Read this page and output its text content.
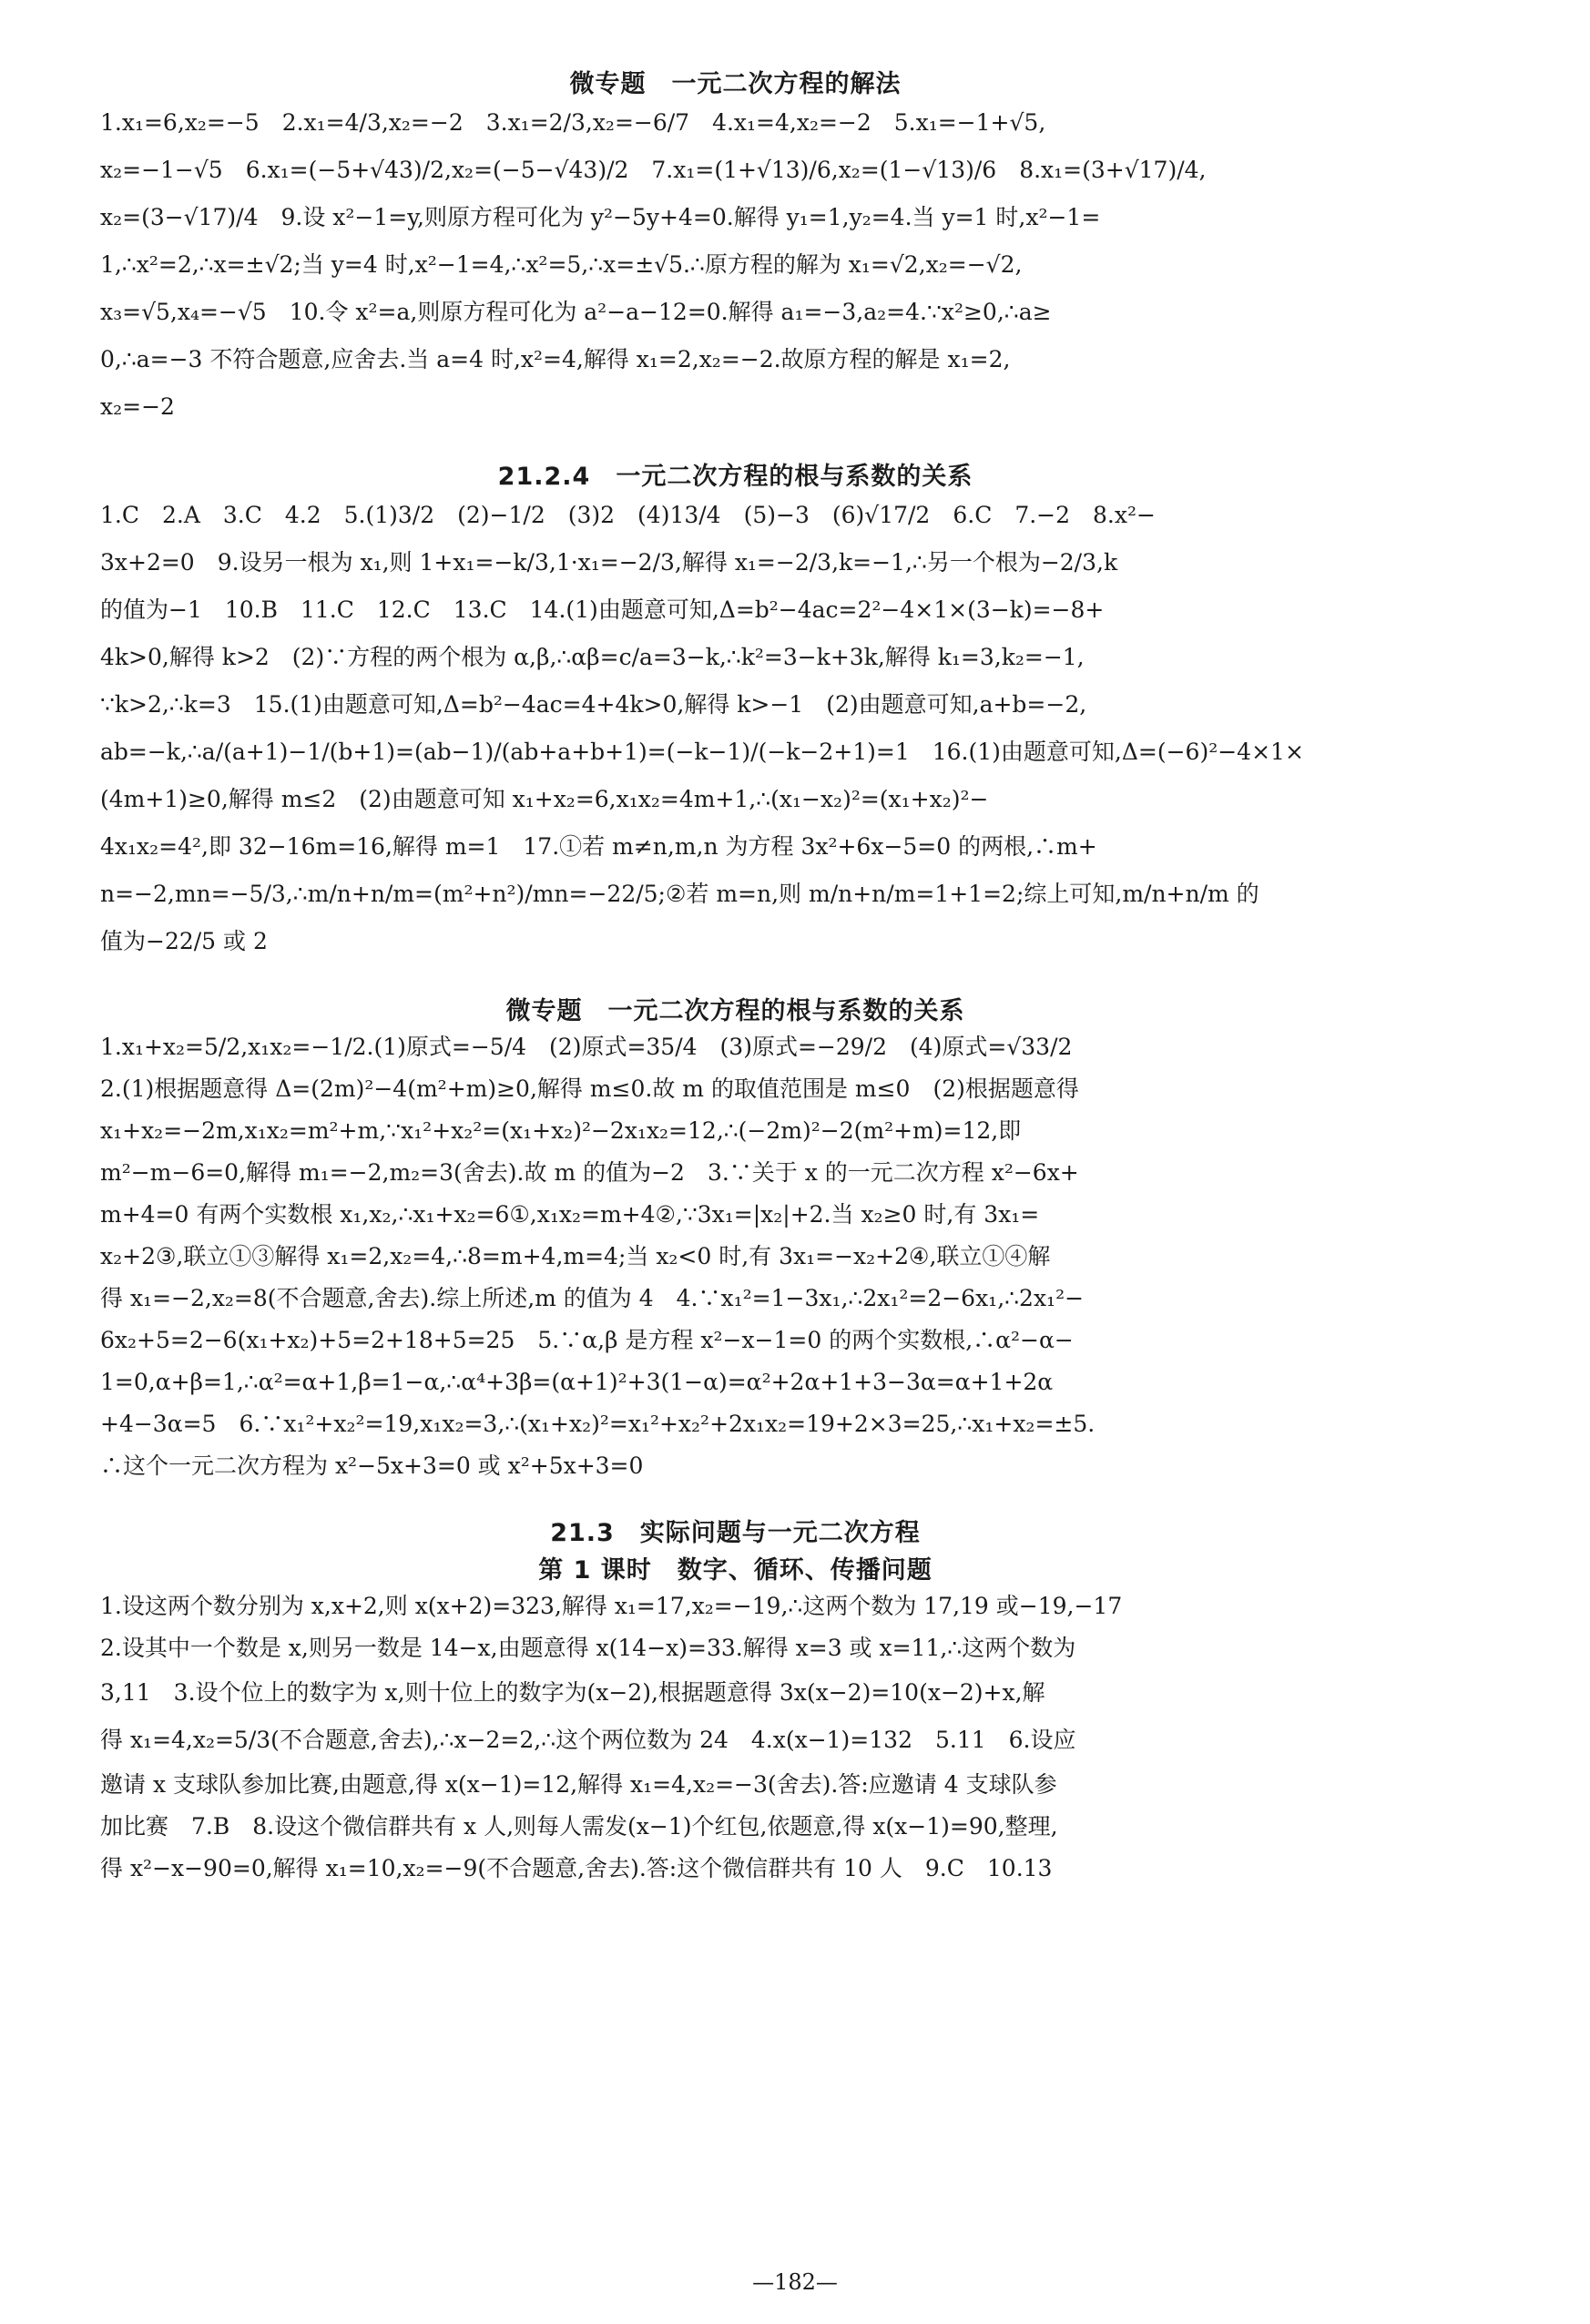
微专题　一元二次方程的解法

1.x₁=6,x₂=−5　2.x₁=4/3,x₂=−2　3.x₁=2/3,x₂=−6/7　4.x₁=4,x₂=−2　5.x₁=−1+√5,

x₂=−1−√5　6.x₁=(−5+√43)/2,x₂=(−5−√43)/2　7.x₁=(1+√13)/6,x₂=(1−√13)/6　8.x₁=(3+√17)/4,

x₂=(3−√17)/4　9.设 x²−1=y,则原方程可化为 y²−5y+4=0.解得 y₁=1,y₂=4.当 y=1 时,x²−1=

1,∴x²=2,∴x=±√2;当 y=4 时,x²−1=4,∴x²=5,∴x=±√5.∴原方程的解为 x₁=√2,x₂=−√2,

x₃=√5,x₄=−√5　10.令 x²=a,则原方程可化为 a²−a−12=0.解得 a₁=−3,a₂=4.∵x²≥0,∴a≥

0,∴a=−3 不符合题意,应舍去.当 a=4 时,x²=4,解得 x₁=2,x₂=−2.故原方程的解是 x₁=2,

x₂=−2

21.2.4　一元二次方程的根与系数的关系

1.C　2.A　3.C　4.2　5.(1)3/2　(2)−1/2　(3)2　(4)13/4　(5)−3　(6)√17/2　6.C　7.−2　8.x²−

3x+2=0　9.设另一根为 x₁,则 1+x₁=−k/3,1·x₁=−2/3,解得 x₁=−2/3,k=−1,∴另一个根为−2/3,k

的值为−1　10.B　11.C　12.C　13.C　14.(1)由题意可知,Δ=b²−4ac=2²−4×1×(3−k)=−8+

4k>0,解得 k>2　(2)∵方程的两个根为 α,β,∴αβ=c/a=3−k,∴k²=3−k+3k,解得 k₁=3,k₂=−1,

∵k>2,∴k=3　15.(1)由题意可知,Δ=b²−4ac=4+4k>0,解得 k>−1　(2)由题意可知,a+b=−2,

ab=−k,∴a/(a+1)−1/(b+1)=(ab−1)/(ab+a+b+1)=(−k−1)/(−k−2+1)=1　16.(1)由题意可知,Δ=(−6)²−4×1×

(4m+1)≥0,解得 m≤2　(2)由题意可知 x₁+x₂=6,x₁x₂=4m+1,∴(x₁−x₂)²=(x₁+x₂)²−

4x₁x₂=4²,即 32−16m=16,解得 m=1　17.①若 m≠n,m,n 为方程 3x²+6x−5=0 的两根,∴m+

n=−2,mn=−5/3,∴m/n+n/m=(m²+n²)/mn=−22/5;②若 m=n,则 m/n+n/m=1+1=2;综上可知,m/n+n/m 的

值为−22/5 或 2

微专题　一元二次方程的根与系数的关系

1.x₁+x₂=5/2,x₁x₂=−1/2.(1)原式=−5/4　(2)原式=35/4　(3)原式=−29/2　(4)原式=√33/2

2.(1)根据题意得 Δ=(2m)²−4(m²+m)≥0,解得 m≤0.故 m 的取值范围是 m≤0　(2)根据题意得

x₁+x₂=−2m,x₁x₂=m²+m,∵x₁²+x₂²=(x₁+x₂)²−2x₁x₂=12,∴(−2m)²−2(m²+m)=12,即

m²−m−6=0,解得 m₁=−2,m₂=3(舍去).故 m 的值为−2　3.∵关于 x 的一元二次方程 x²−6x+

m+4=0 有两个实数根 x₁,x₂,∴x₁+x₂=6①,x₁x₂=m+4②,∵3x₁=|x₂|+2.当 x₂≥0 时,有 3x₁=

x₂+2③,联立①③解得 x₁=2,x₂=4,∴8=m+4,m=4;当 x₂<0 时,有 3x₁=−x₂+2④,联立①④解

得 x₁=−2,x₂=8(不合题意,舍去).综上所述,m 的值为 4　4.∵x₁²=1−3x₁,∴2x₁²=2−6x₁,∴2x₁²−

6x₂+5=2−6(x₁+x₂)+5=2+18+5=25　5.∵α,β 是方程 x²−x−1=0 的两个实数根,∴α²−α−

1=0,α+β=1,∴α²=α+1,β=1−α,∴α⁴+3β=(α+1)²+3(1−α)=α²+2α+1+3−3α=α+1+2α

+4−3α=5　6.∵x₁²+x₂²=19,x₁x₂=3,∴(x₁+x₂)²=x₁²+x₂²+2x₁x₂=19+2×3=25,∴x₁+x₂=±5.

∴这个一元二次方程为 x²−5x+3=0 或 x²+5x+3=0

21.3　实际问题与一元二次方程
第 1 课时　数字、循环、传播问题

1.设这两个数分别为 x,x+2,则 x(x+2)=323,解得 x₁=17,x₂=−19,∴这两个数为 17,19 或−19,−17

2.设其中一个数是 x,则另一数是 14−x,由题意得 x(14−x)=33.解得 x=3 或 x=11,∴这两个数为

3,11　3.设个位上的数字为 x,则十位上的数字为(x−2),根据题意得 3x(x−2)=10(x−2)+x,解

得 x₁=4,x₂=5/3(不合题意,舍去),∴x−2=2,∴这个两位数为 24　4.x(x−1)=132　5.11　6.设应

邀请 x 支球队参加比赛,由题意,得 x(x−1)=12,解得 x₁=4,x₂=−3(舍去).答:应邀请 4 支球队参

加比赛　7.B　8.设这个微信群共有 x 人,则每人需发(x−1)个红包,依题意,得 x(x−1)=90,整理,

得 x²−x−90=0,解得 x₁=10,x₂=−9(不合题意,舍去).答:这个微信群共有 10 人　9.C　10.13

—182—
